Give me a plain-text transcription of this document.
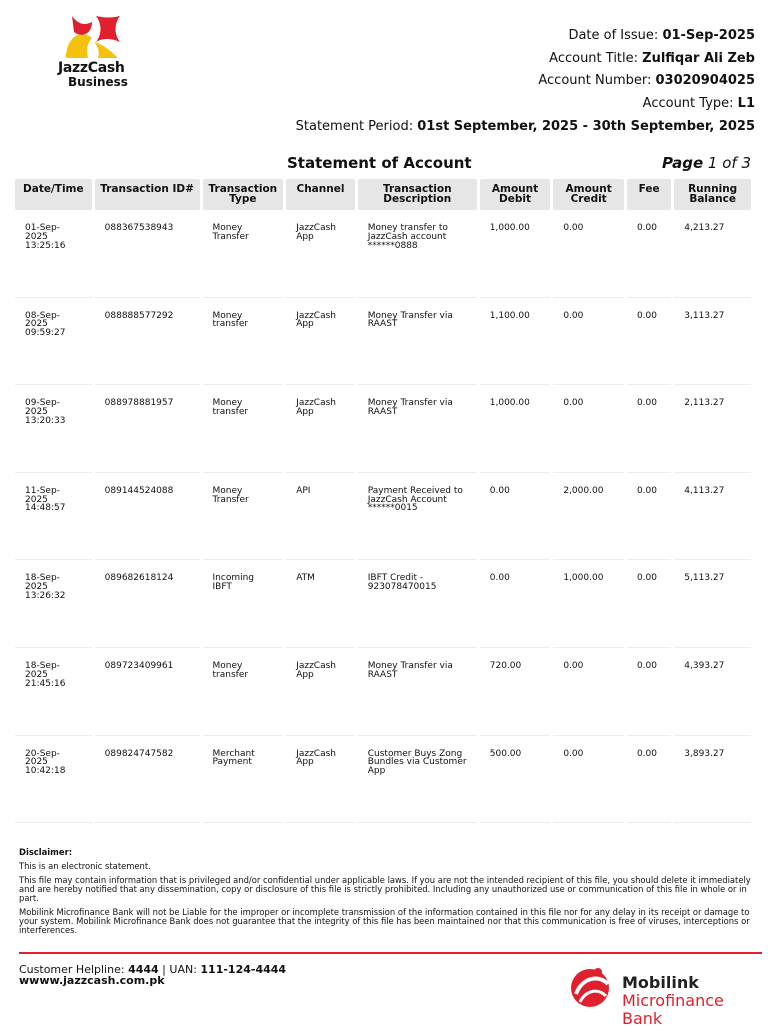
JazzCash
Business
Date of Issue: 01-Sep-2025
Account Title: Zulfiqar Ali Zeb
Account Number: 03020904025
Account Type: L1
Statement Period: 01st September, 2025 - 30th September, 2025
Statement of Account	Page 1 of 3
Date/Time	Transaction ID#	Transaction Type	Channel	Transaction Description	Amount Debit	Amount Credit	Fee	Running Balance
01-Sep-2025 13:25:16	088367538943	Money Transfer	JazzCash App	Money transfer to JazzCash account ******0888	1,000.00	0.00	0.00	4,213.27
08-Sep-2025 09:59:27	088888577292	Money transfer	JazzCash App	Money Transfer via RAAST	1,100.00	0.00	0.00	3,113.27
09-Sep-2025 13:20:33	088978881957	Money transfer	JazzCash App	Money Transfer via RAAST	1,000.00	0.00	0.00	2,113.27
11-Sep-2025 14:48:57	089144524088	Money Transfer	API	Payment Received to JazzCash Account ******0015	0.00	2,000.00	0.00	4,113.27
18-Sep-2025 13:26:32	089682618124	Incoming IBFT	ATM	IBFT Credit - 923078470015	0.00	1,000.00	0.00	5,113.27
18-Sep-2025 21:45:16	089723409961	Money transfer	JazzCash App	Money Transfer via RAAST	720.00	0.00	0.00	4,393.27
20-Sep-2025 10:42:18	089824747582	Merchant Payment	JazzCash App	Customer Buys Zong Bundles via Customer App	500.00	0.00	0.00	3,893.27
Disclaimer:

This is an electronic statement.

This file may contain information that is privileged and/or confidential under applicable laws. If you are not the intended recipient of this file, you should delete it immediately and are hereby notified that any dissemination, copy or disclosure of this file is strictly prohibited. Including any unauthorized use or communication of this file in whole or in part.

Mobilink Microfinance Bank will not be Liable for the improper or incomplete transmission of the information contained in this file nor for any delay in its receipt or damage to your system. Mobilink Microfinance Bank does not guarantee that the integrity of this file has been maintained nor that this communication is free of viruses, interceptions or interferences.

Customer Helpline: 4444 | UAN: 111-124-4444
wwww.jazzcash.com.pk	Mobilink
Microfinance Bank
